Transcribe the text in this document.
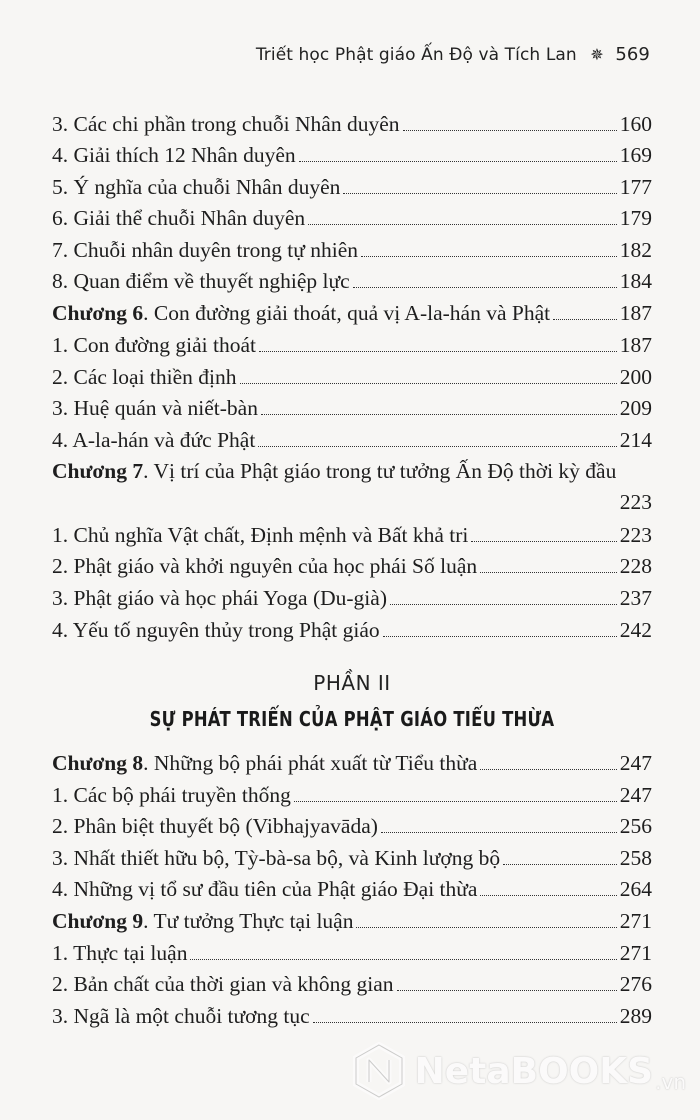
Triết học Phật giáo Ấn Độ và Tích Lan ✵ 569
3. Các chi phần trong chuỗi Nhân duyên	160
4. Giải thích 12 Nhân duyên	169
5. Ý nghĩa của chuỗi Nhân duyên	177
6. Giải thể chuỗi Nhân duyên	179
7. Chuỗi nhân duyên trong tự nhiên	182
8. Quan điểm về thuyết nghiệp lực	184
Chương 6. Con đường giải thoát, quả vị A-la-hán và Phật	187
1. Con đường giải thoát	187
2. Các loại thiền định	200
3. Huệ quán và niết-bàn	209
4. A-la-hán và đức Phật	214
Chương 7. Vị trí của Phật giáo trong tư tưởng Ấn Độ thời kỳ đầu
223
1. Chủ nghĩa Vật chất, Định mệnh và Bất khả tri	223
2. Phật giáo và khởi nguyên của học phái Số luận	228
3. Phật giáo và học phái Yoga (Du-già)	237
4. Yếu tố nguyên thủy trong Phật giáo	242
PHẦN II
SỰ PHÁT TRIỂN CỦA PHẬT GIÁO TIỂU THỪA
Chương 8. Những bộ phái phát xuất từ Tiểu thừa	247
1. Các bộ phái truyền thống	247
2. Phân biệt thuyết bộ (Vibhajyavāda)	256
3. Nhất thiết hữu bộ, Tỳ-bà-sa bộ, và Kinh lượng bộ	258
4. Những vị tổ sư đầu tiên của Phật giáo Đại thừa	264
Chương 9. Tư tưởng Thực tại luận	271
1. Thực tại luận	271
2. Bản chất của thời gian và không gian	276
3. Ngã là một chuỗi tương tục	289
NetaBOOKS .vn
